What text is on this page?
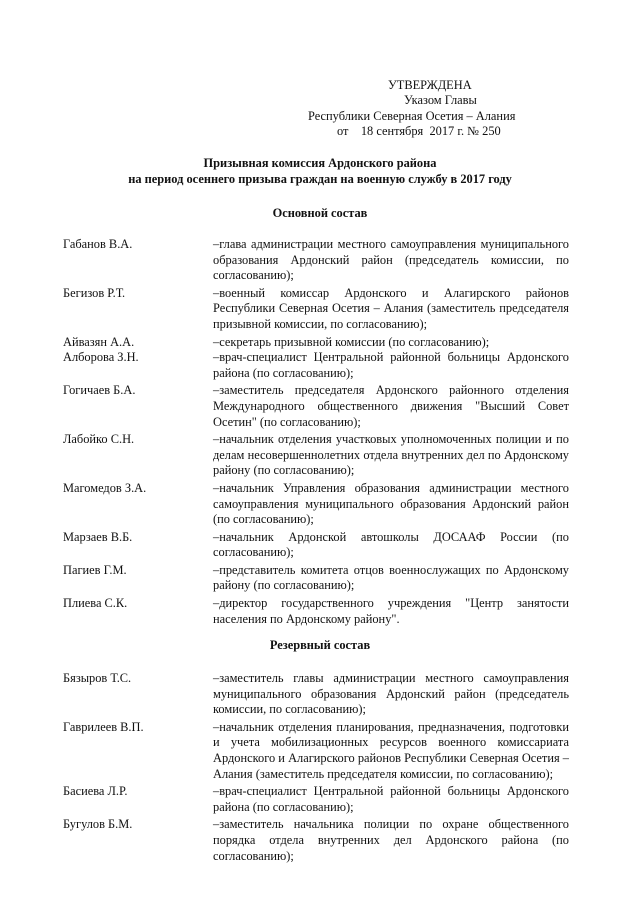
УТВЕРЖДЕНА
Указом Главы
Республики Северная Осетия – Алания
от    18 сентября  2017 г. № 250
Призывная комиссия Ардонского района
на период осеннего призыва граждан на военную службу в 2017 году
Основной состав
Габанов В.А.	–глава администрации местного самоуправления муниципального образования Ардонский район (председатель комиссии, по согласованию);
Бегизов Р.Т.	–военный комиссар Ардонского и Алагирского районов Республики Северная Осетия – Алания (заместитель председателя призывной комиссии, по согласованию);
Айвазян А.А.	–секретарь призывной комиссии (по согласованию);
Алборова З.Н.	–врач-специалист Центральной районной больницы Ардонского района (по согласованию);
Гогичаев Б.А.	–заместитель председателя Ардонского районного отделения Международного общественного движения "Высший Совет Осетин" (по согласованию);
Лабойко С.Н.	–начальник отделения участковых уполномоченных полиции и по делам несовершеннолетних отдела внутренних дел по Ардонскому району (по согласованию);
Магомедов З.А.	–начальник Управления образования администрации местного самоуправления муниципального образования Ардонский район (по согласованию);
Марзаев В.Б.	–начальник Ардонской автошколы ДОСААФ России (по согласованию);
Пагиев Г.М.	–представитель комитета отцов военнослужащих по Ардонскому району (по согласованию);
Плиева С.К.	–директор государственного учреждения "Центр занятости населения по Ардонскому району".
Резервный состав
Бязыров Т.С.	–заместитель главы администрации местного самоуправления муниципального образования Ардонский район (председатель комиссии, по согласованию);
Гаврилеев В.П.	–начальник отделения планирования, предназначения, подготовки и учета мобилизационных ресурсов военного комиссариата Ардонского и Алагирского районов Республики Северная Осетия – Алания (заместитель председателя комиссии, по согласованию);
Басиева Л.Р.	–врач-специалист Центральной районной больницы Ардонского района (по согласованию);
Бугулов Б.М.	–заместитель начальника полиции по охране общественного порядка отдела внутренних дел Ардонского района (по согласованию);
